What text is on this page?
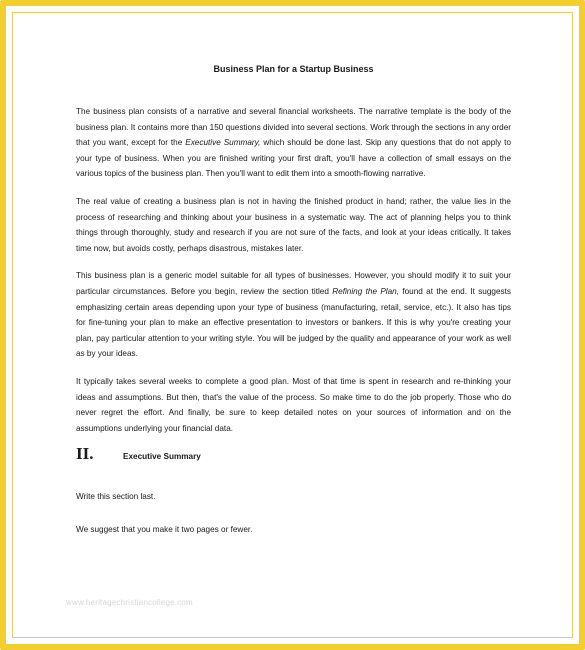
Business Plan for a Startup Business

The business plan consists of a narrative and several financial worksheets. The narrative template is the body of the business plan. It contains more than 150 questions divided into several sections. Work through the sections in any order that you want, except for the Executive Summary, which should be done last. Skip any questions that do not apply to your type of business. When you are finished writing your first draft, you'll have a collection of small essays on the various topics of the business plan. Then you'll want to edit them into a smooth-flowing narrative.

The real value of creating a business plan is not in having the finished product in hand; rather, the value lies in the process of researching and thinking about your business in a systematic way. The act of planning helps you to think things through thoroughly, study and research if you are not sure of the facts, and look at your ideas critically. It takes time now, but avoids costly, perhaps disastrous, mistakes later.

This business plan is a generic model suitable for all types of businesses. However, you should modify it to suit your particular circumstances. Before you begin, review the section titled Refining the Plan, found at the end. It suggests emphasizing certain areas depending upon your type of business (manufacturing, retail, service, etc.). It also has tips for fine-tuning your plan to make an effective presentation to investors or bankers. If this is why you're creating your plan, pay particular attention to your writing style. You will be judged by the quality and appearance of your work as well as by your ideas.

It typically takes several weeks to complete a good plan. Most of that time is spent in research and re-thinking your ideas and assumptions. But then, that's the value of the process. So make time to do the job properly. Those who do never regret the effort. And finally, be sure to keep detailed notes on your sources of information and on the assumptions underlying your financial data.

II.	Executive Summary

Write this section last.

We suggest that you make it two pages or fewer.

www.heritagechristiancollege.com
